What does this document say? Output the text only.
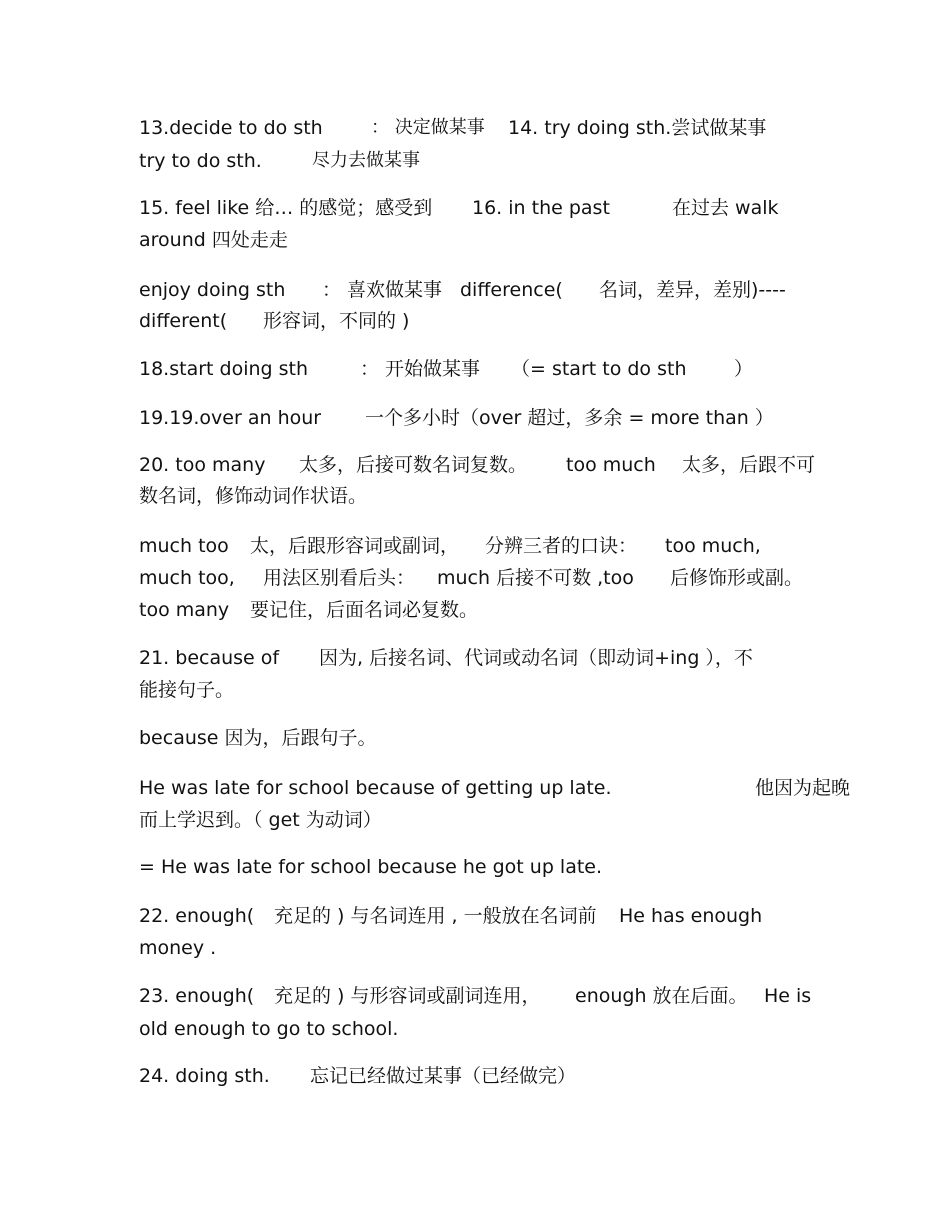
13.decide to do sth	： 决定做某事 14. try doing sth.尝试做某事
try to do sth.	尽力去做某事
15. feel like 给… 的感觉；感受到 16. in the past	在过去 walk
around 四处走走
enjoy doing sth ： 喜欢做某事 difference( 名词，差异，差别)----
different( 形容词，不同的 )
18.start doing sth	： 开始做某事 （= start to do sth	）
19.19.over an hour 一个多小时（over 超过，多余 = more than ）
20. too many 太多，后接可数名词复数。 too much 太多，后跟不可
数名词，修饰动词作状语。
much too 太，后跟形容词或副词， 分辨三者的口诀： too much,
much too, 用法区别看后头： much 后接不可数 ,too 后修饰形或副。
too many 要记住，后面名词必复数。
21. because of 因为, 后接名词、代词或动名词（即动词+ing ），不
能接句子。
because 因为，后跟句子。
He was late for school because of getting up late.	他因为起晚
而上学迟到。（ get 为动词）
= He was late for school because he got up late.
22. enough( 充足的 ) 与名词连用 , 一般放在名词前 He has enough
money .
23. enough( 充足的 ) 与形容词或副词连用， enough 放在后面。 He is
old enough to go to school.
24. doing sth. 忘记已经做过某事（已经做完）
